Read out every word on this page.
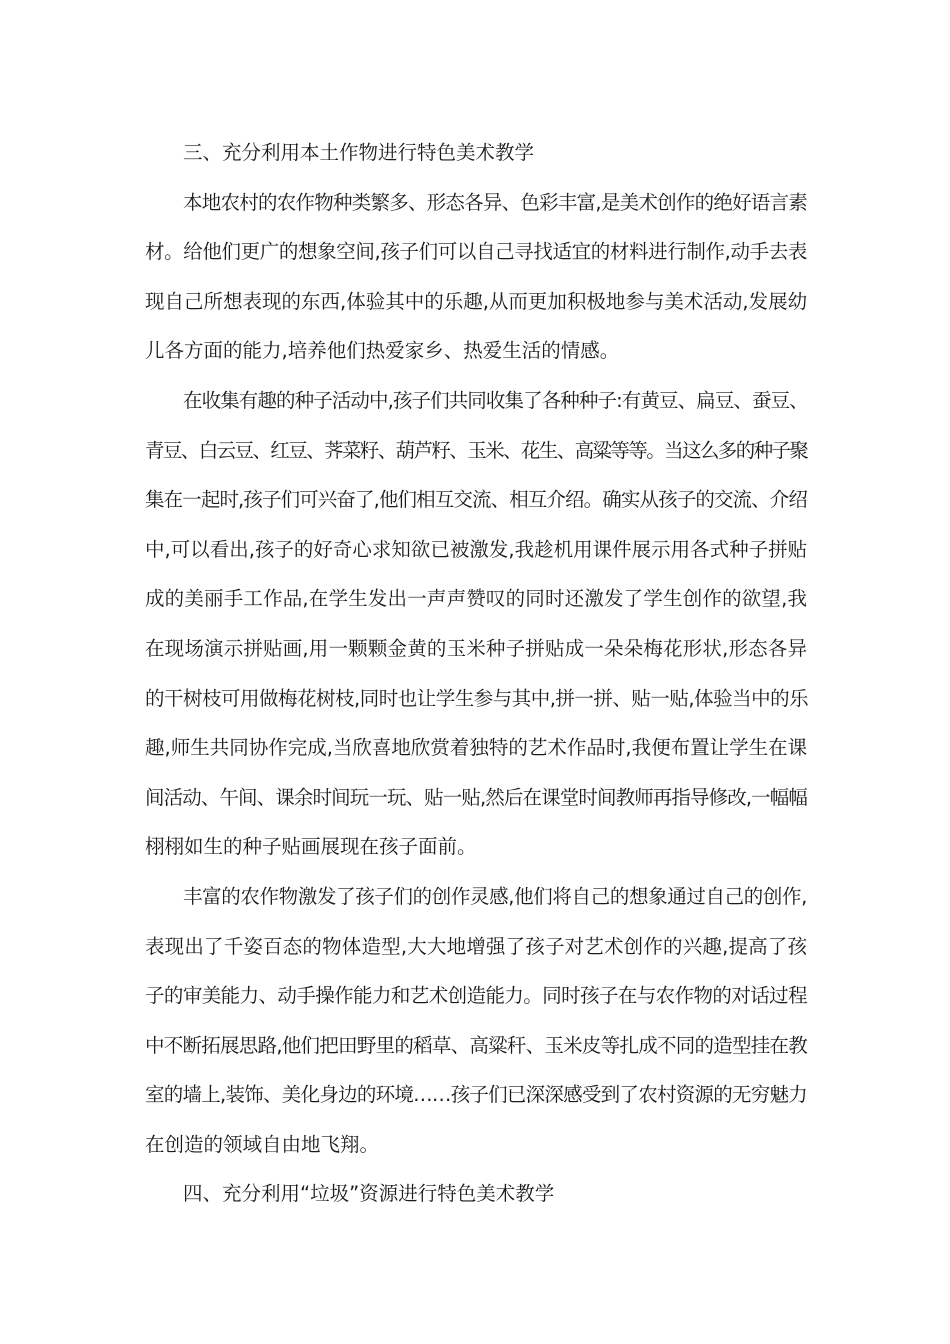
三、充分利用本土作物进行特色美术教学
本地农村的农作物种类繁多、形态各异、色彩丰富,是美术创作的绝好语言素
材。给他们更广的想象空间,孩子们可以自己寻找适宜的材料进行制作,动手去表
现自己所想表现的东西,体验其中的乐趣,从而更加积极地参与美术活动,发展幼
儿各方面的能力,培养他们热爱家乡、热爱生活的情感。
在收集有趣的种子活动中,孩子们共同收集了各种种子:有黄豆、扁豆、蚕豆、
青豆、白云豆、红豆、荠菜籽、葫芦籽、玉米、花生、高粱等等。当这么多的种子聚
集在一起时,孩子们可兴奋了,他们相互交流、相互介绍。确实从孩子的交流、介绍
中,可以看出,孩子的好奇心求知欲已被激发,我趁机用课件展示用各式种子拼贴
成的美丽手工作品,在学生发出一声声赞叹的同时还激发了学生创作的欲望,我
在现场演示拼贴画,用一颗颗金黄的玉米种子拼贴成一朵朵梅花形状,形态各异
的干树枝可用做梅花树枝,同时也让学生参与其中,拼一拼、贴一贴,体验当中的乐
趣,师生共同协作完成,当欣喜地欣赏着独特的艺术作品时,我便布置让学生在课
间活动、午间、课余时间玩一玩、贴一贴,然后在课堂时间教师再指导修改,一幅幅
栩栩如生的种子贴画展现在孩子面前。
丰富的农作物激发了孩子们的创作灵感,他们将自己的想象通过自己的创作,
表现出了千姿百态的物体造型,大大地增强了孩子对艺术创作的兴趣,提高了孩
子的审美能力、动手操作能力和艺术创造能力。同时孩子在与农作物的对话过程
中不断拓展思路,他们把田野里的稻草、高粱秆、玉米皮等扎成不同的造型挂在教
室的墙上,装饰、美化身边的环境……孩子们已深深感受到了农村资源的无穷魅力
在创造的领域自由地飞翔。
四、充分利用“垃圾”资源进行特色美术教学
